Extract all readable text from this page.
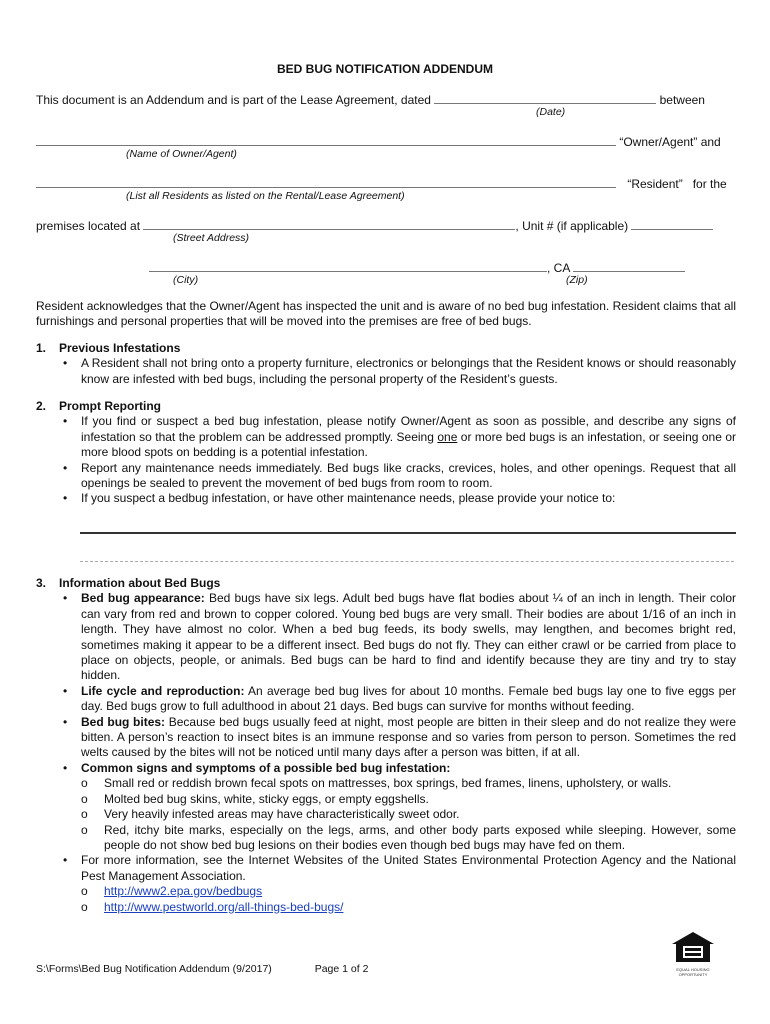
BED BUG NOTIFICATION ADDENDUM
This document is an Addendum and is part of the Lease Agreement, dated	between
(Date)
“Owner/Agent” and
(Name of Owner/Agent)
“Resident”   for the
(List all Residents as listed on the Rental/Lease Agreement)
premises located at	, Unit # (if applicable)
(Street Address)
, CA
(City)	(Zip)
Resident acknowledges that the Owner/Agent has inspected the unit and is aware of no bed bug infestation. Resident claims that all furnishings and personal properties that will be moved into the premises are free of bed bugs.
1. Previous Infestations
• A Resident shall not bring onto a property furniture, electronics or belongings that the Resident knows or should reasonably know are infested with bed bugs, including the personal property of the Resident’s guests.
2. Prompt Reporting
• If you find or suspect a bed bug infestation, please notify Owner/Agent as soon as possible, and describe any signs of infestation so that the problem can be addressed promptly. Seeing one or more bed bugs is an infestation, or seeing one or more blood spots on bedding is a potential infestation.
• Report any maintenance needs immediately. Bed bugs like cracks, crevices, holes, and other openings. Request that all openings be sealed to prevent the movement of bed bugs from room to room.
• If you suspect a bedbug infestation, or have other maintenance needs, please provide your notice to:
3. Information about Bed Bugs
• Bed bug appearance: Bed bugs have six legs. Adult bed bugs have flat bodies about ¼ of an inch in length. Their color can vary from red and brown to copper colored. Young bed bugs are very small. Their bodies are about 1/16 of an inch in length. They have almost no color. When a bed bug feeds, its body swells, may lengthen, and becomes bright red, sometimes making it appear to be a different insect. Bed bugs do not fly. They can either crawl or be carried from place to place on objects, people, or animals. Bed bugs can be hard to find and identify because they are tiny and try to stay hidden.
• Life cycle and reproduction: An average bed bug lives for about 10 months. Female bed bugs lay one to five eggs per day. Bed bugs grow to full adulthood in about 21 days. Bed bugs can survive for months without feeding.
• Bed bug bites: Because bed bugs usually feed at night, most people are bitten in their sleep and do not realize they were bitten. A person’s reaction to insect bites is an immune response and so varies from person to person. Sometimes the red welts caused by the bites will not be noticed until many days after a person was bitten, if at all.
• Common signs and symptoms of a possible bed bug infestation:
o Small red or reddish brown fecal spots on mattresses, box springs, bed frames, linens, upholstery, or walls.
o Molted bed bug skins, white, sticky eggs, or empty eggshells.
o Very heavily infested areas may have characteristically sweet odor.
o Red, itchy bite marks, especially on the legs, arms, and other body parts exposed while sleeping. However, some people do not show bed bug lesions on their bodies even though bed bugs may have fed on them.
• For more information, see the Internet Websites of the United States Environmental Protection Agency and the National Pest Management Association.
o http://www2.epa.gov/bedbugs
o http://www.pestworld.org/all-things-bed-bugs/
S:\Forms\Bed Bug Notification Addendum (9/2017)	Page 1 of 2	EQUAL HOUSING
OPPORTUNITY
